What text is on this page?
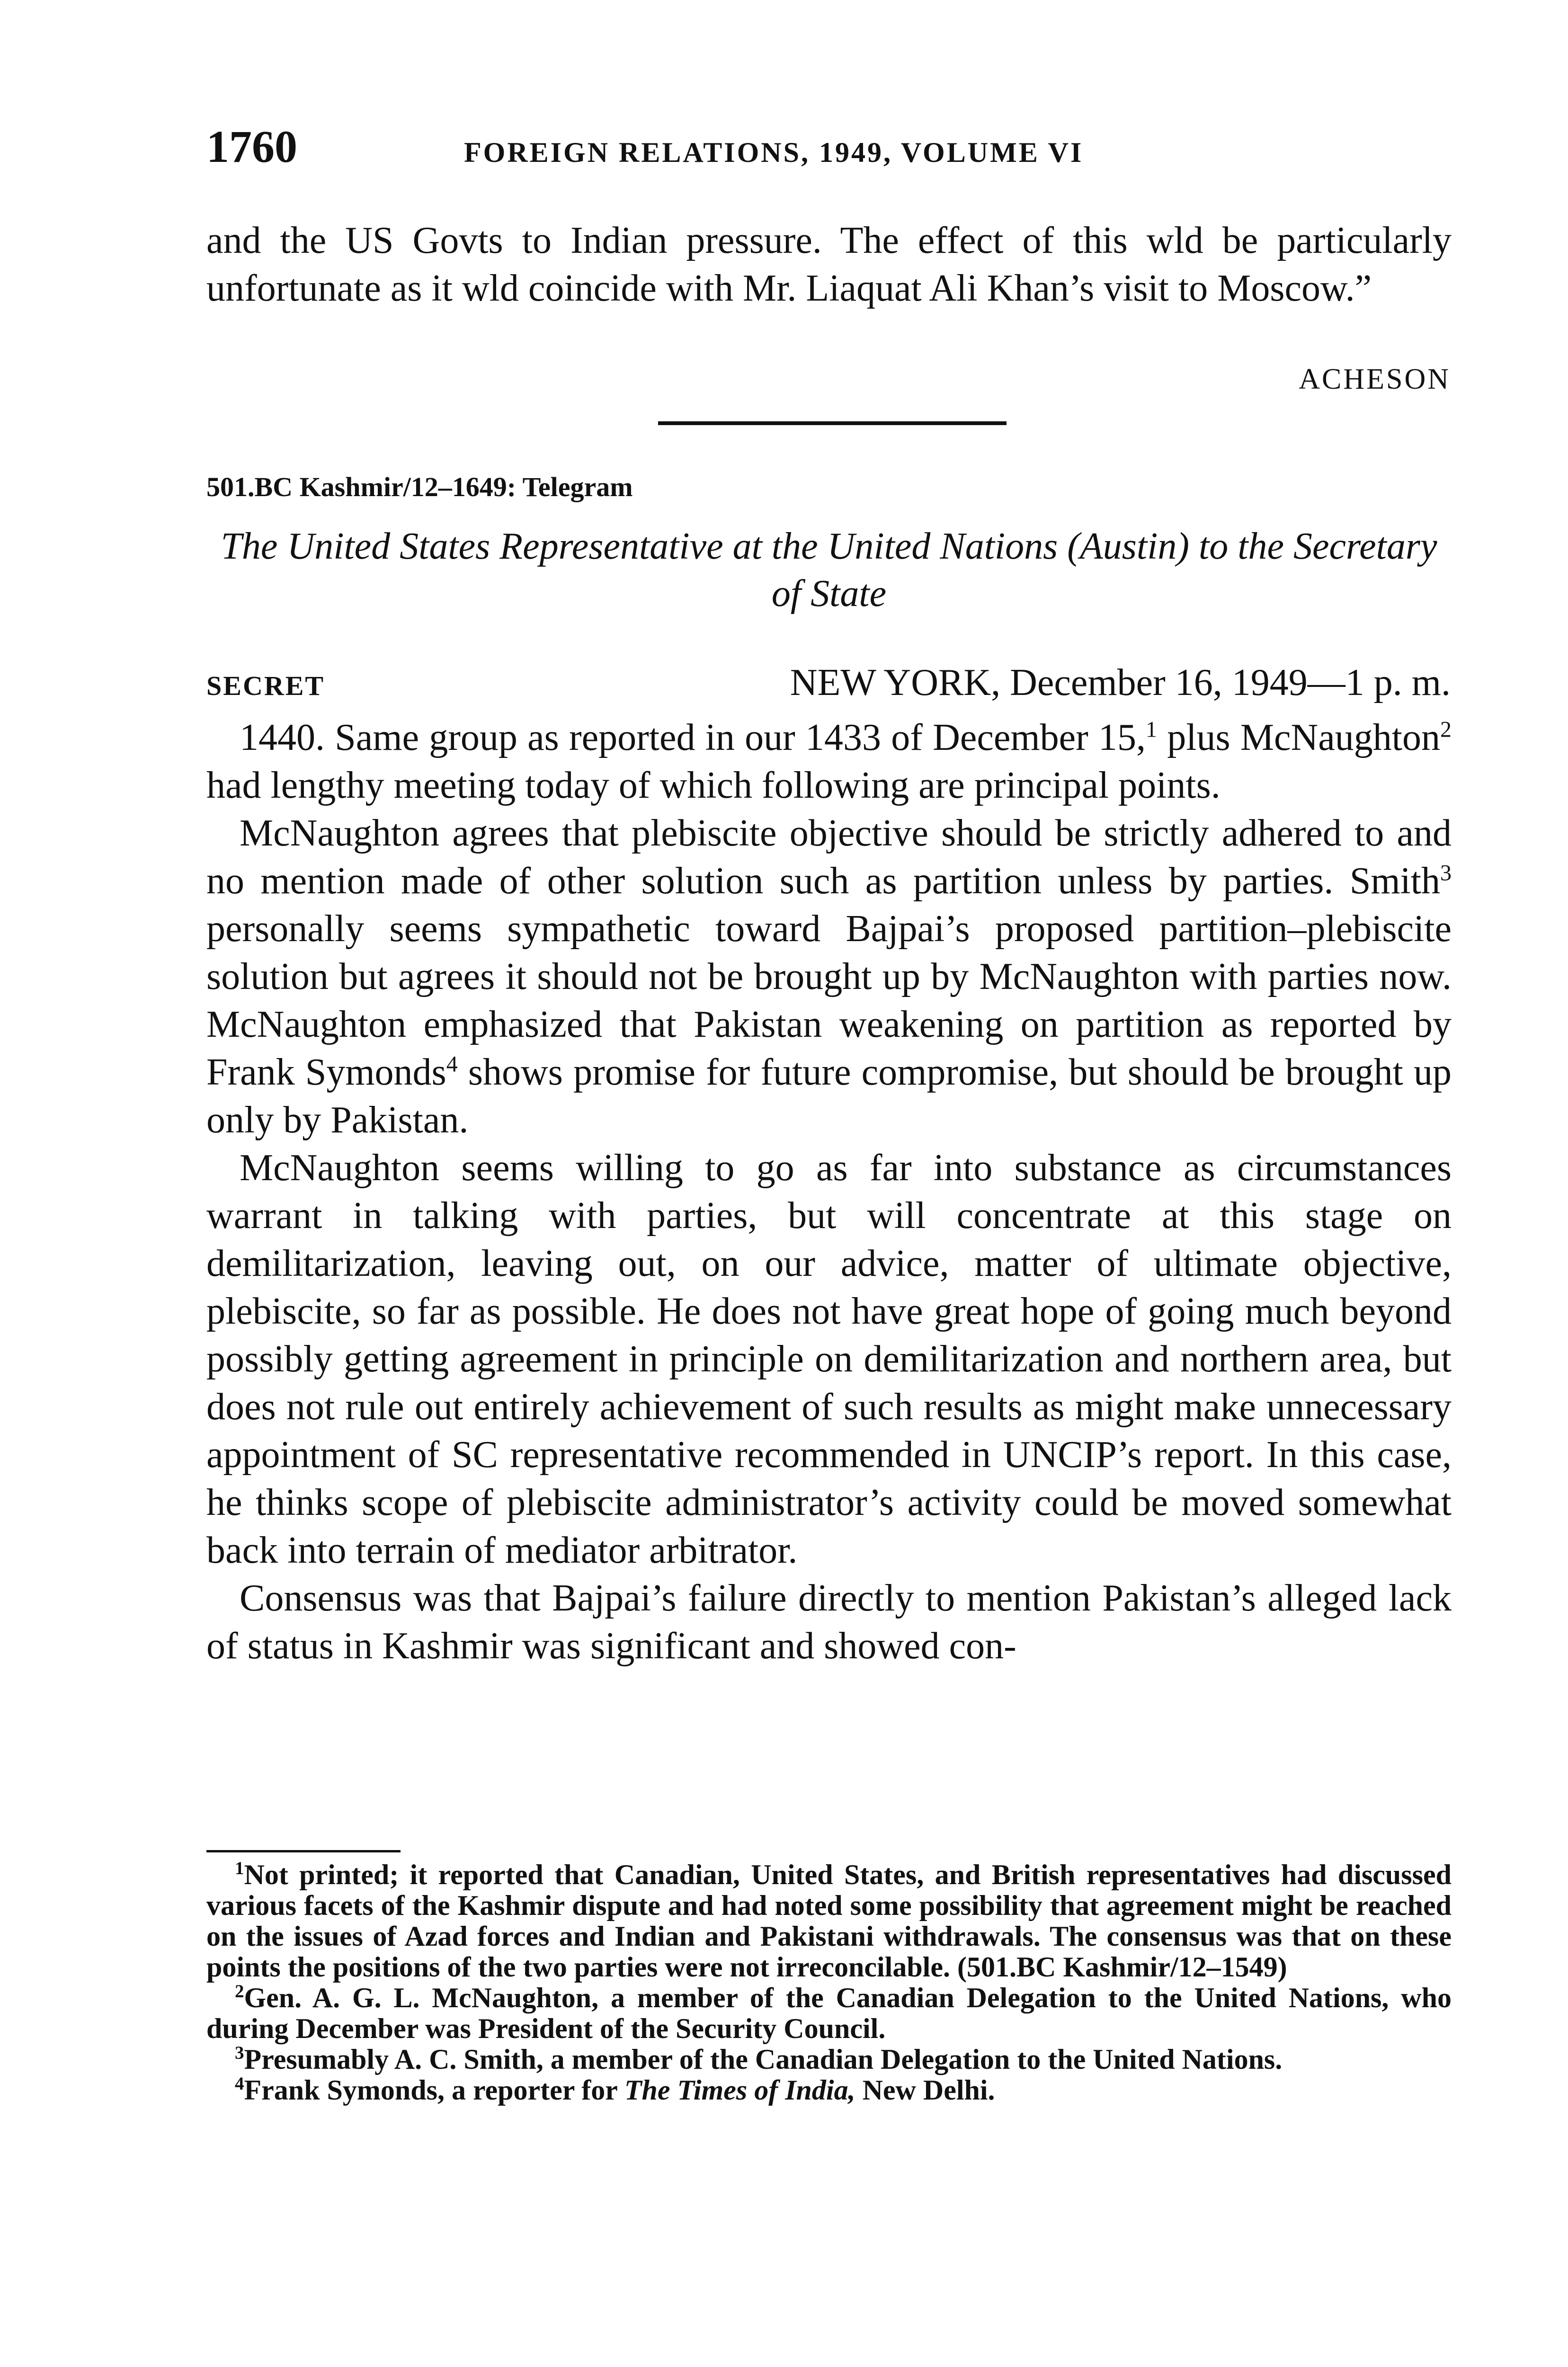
1760	FOREIGN RELATIONS, 1949, VOLUME VI

and the US Govts to Indian pressure. The effect of this wld be particularly unfortunate as it wld coincide with Mr. Liaquat Ali Khan’s visit to Moscow.”

ACHESON
501.BC Kashmir/12–1649: Telegram
The United States Representative at the United Nations (Austin) to the Secretary of State
SECRET	NEW YORK, December 16, 1949—1 p. m.

1440. Same group as reported in our 1433 of December 15,$^1$ plus McNaughton$^2$ had lengthy meeting today of which following are principal points.

McNaughton agrees that plebiscite objective should be strictly adhered to and no mention made of other solution such as partition unless by parties. Smith$^3$ personally seems sympathetic toward Bajpai’s proposed partition–plebiscite solution but agrees it should not be brought up by McNaughton with parties now. McNaughton emphasized that Pakistan weakening on partition as reported by Frank Symonds$^4$ shows promise for future compromise, but should be brought up only by Pakistan.

McNaughton seems willing to go as far into substance as circumstances warrant in talking with parties, but will concentrate at this stage on demilitarization, leaving out, on our advice, matter of ultimate objective, plebiscite, so far as possible. He does not have great hope of going much beyond possibly getting agreement in principle on demilitarization and northern area, but does not rule out entirely achievement of such results as might make unnecessary appointment of SC representative recommended in UNCIP’s report. In this case, he thinks scope of plebiscite administrator’s activity could be moved somewhat back into terrain of mediator arbitrator.

Consensus was that Bajpai’s failure directly to mention Pakistan’s alleged lack of status in Kashmir was significant and showed con-

$^1$Not printed; it reported that Canadian, United States, and British representatives had discussed various facets of the Kashmir dispute and had noted some possibility that agreement might be reached on the issues of Azad forces and Indian and Pakistani withdrawals. The consensus was that on these points the positions of the two parties were not irreconcilable. (501.BC Kashmir/12–1549)

$^2$Gen. A. G. L. McNaughton, a member of the Canadian Delegation to the United Nations, who during December was President of the Security Council.

$^3$Presumably A. C. Smith, a member of the Canadian Delegation to the United Nations.

$^4$Frank Symonds, a reporter for The Times of India, New Delhi.
